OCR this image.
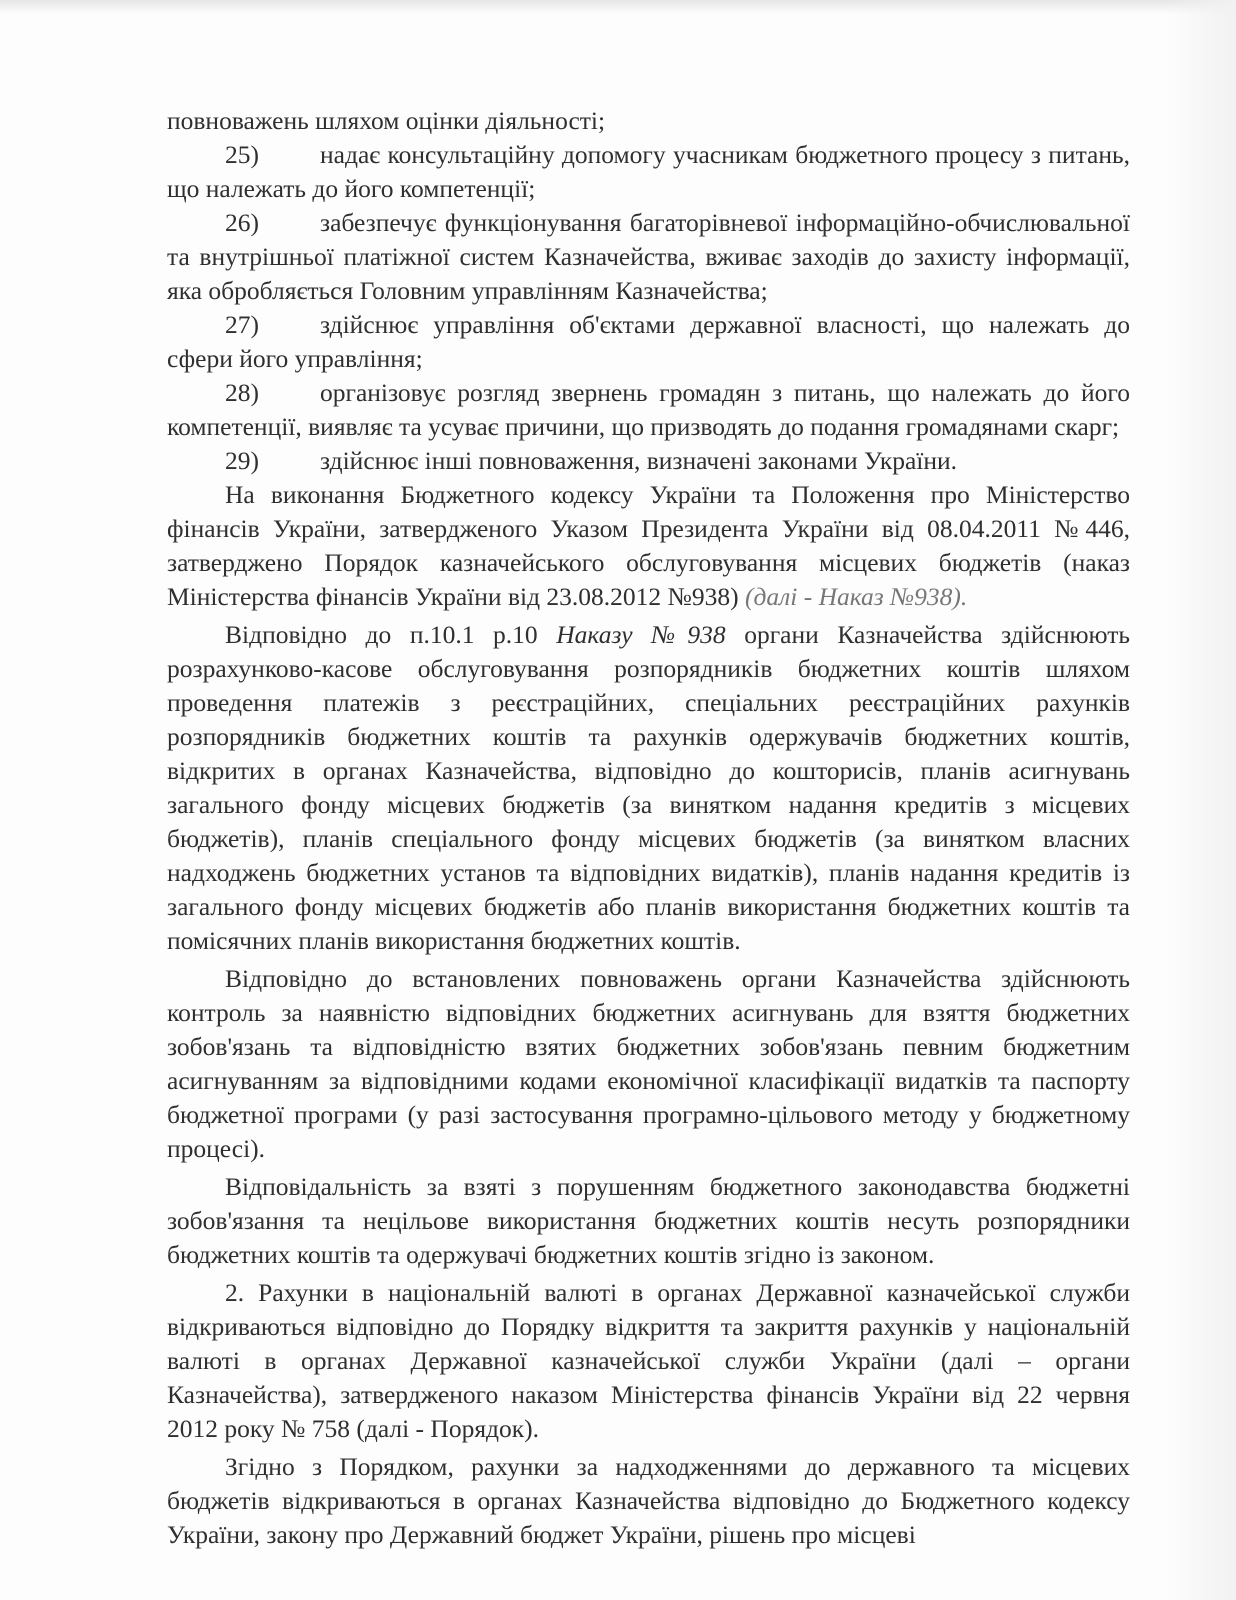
повноважень шляхом оцінки діяльності;

25) надає консультаційну допомогу учасникам бюджетного процесу з питань, що належать до його компетенції;

26) забезпечує функціонування багаторівневої інформаційно-обчислювальної та внутрішньої платіжної систем Казначейства, вживає заходів до захисту інформації, яка обробляється Головним управлінням Казначейства;

27) здійснює управління об'єктами державної власності, що належать до сфери його управління;

28) організовує розгляд звернень громадян з питань, що належать до його компетенції, виявляє та усуває причини, що призводять до подання громадянами скарг;

29) здійснює інші повноваження, визначені законами України.

На виконання Бюджетного кодексу України та Положення про Міністерство фінансів України, затвердженого Указом Президента України від 08.04.2011 №446, затверджено Порядок казначейського обслуговування місцевих бюджетів (наказ Міністерства фінансів України від 23.08.2012 №938) (далі - Наказ №938).

Відповідно до п.10.1 р.10 Наказу №938 органи Казначейства здійснюють розрахунково-касове обслуговування розпорядників бюджетних коштів шляхом проведення платежів з реєстраційних, спеціальних реєстраційних рахунків розпорядників бюджетних коштів та рахунків одержувачів бюджетних коштів, відкритих в органах Казначейства, відповідно до кошторисів, планів асигнувань загального фонду місцевих бюджетів (за винятком надання кредитів з місцевих бюджетів), планів спеціального фонду місцевих бюджетів (за винятком власних надходжень бюджетних установ та відповідних видатків), планів надання кредитів із загального фонду місцевих бюджетів або планів використання бюджетних коштів та помісячних планів використання бюджетних коштів.

Відповідно до встановлених повноважень органи Казначейства здійснюють контроль за наявністю відповідних бюджетних асигнувань для взяття бюджетних зобов'язань та відповідністю взятих бюджетних зобов'язань певним бюджетним асигнуванням за відповідними кодами економічної класифікації видатків та паспорту бюджетної програми (у разі застосування програмно-цільового методу у бюджетному процесі).

Відповідальність за взяті з порушенням бюджетного законодавства бюджетні зобов'язання та нецільове використання бюджетних коштів несуть розпорядники бюджетних коштів та одержувачі бюджетних коштів згідно із законом.

2. Рахунки в національній валюті в органах Державної казначейської служби відкриваються відповідно до Порядку відкриття та закриття рахунків у національній валюті в органах Державної казначейської служби України (далі – органи Казначейства), затвердженого наказом Міністерства фінансів України від 22 червня 2012 року № 758 (далі - Порядок).

Згідно з Порядком, рахунки за надходженнями до державного та місцевих бюджетів відкриваються в органах Казначейства відповідно до Бюджетного кодексу України, закону про Державний бюджет України, рішень про місцеві
